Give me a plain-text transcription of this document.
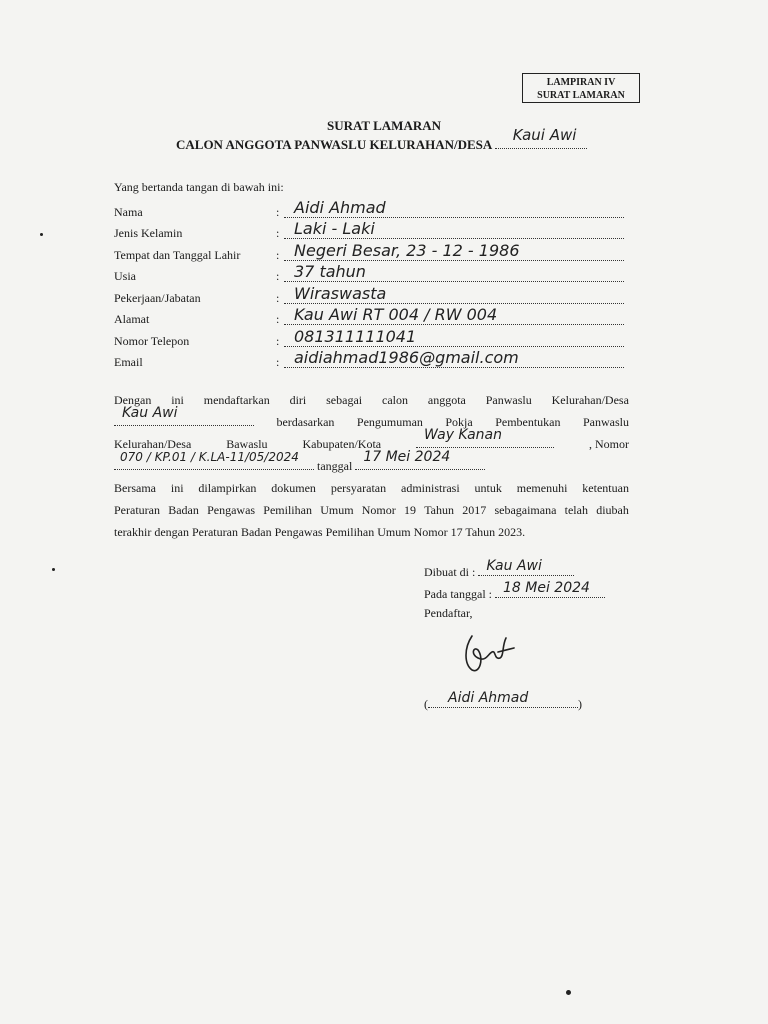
LAMPIRAN IV
SURAT LAMARAN
SURAT LAMARAN
CALON ANGGOTA PANWASLU KELURAHAN/DESA
Kaui Awi
Yang bertanda tangan di bawah ini:
Nama	: Aidi Ahmad
Jenis Kelamin	: Laki - Laki
Tempat dan Tanggal Lahir	: Negeri Besar, 23 - 12 - 1986
Usia	: 37 tahun
Pekerjaan/Jabatan	: Wiraswasta
Alamat	: Kau Awi RT 004 / RW 004
Nomor Telepon	: 081311111041
Email	: aidiahmad1986@gmail.com
Dengan ini mendaftarkan diri sebagai calon anggota Panwaslu Kelurahan/Desa
Kau Awi
berdasarkan Pengumuman Pokja Pembentukan Panwaslu
Kelurahan/Desa	Bawaslu	Kabupaten/Kota
Way Kanan
, Nomor
070 / KP.01 / K.LA-11/05/2024
tanggal
17 Mei 2024
Bersama ini dilampirkan dokumen persyaratan administrasi untuk memenuhi ketentuan
Peraturan Badan Pengawas Pemilihan Umum Nomor 19 Tahun 2017 sebagaimana telah diubah
terakhir dengan Peraturan Badan Pengawas Pemilihan Umum Nomor 17 Tahun 2023.
Dibuat di : Kau Awi
Pada tanggal : 18 Mei 2024
Pendaftar,
( Aidi Ahmad	)
